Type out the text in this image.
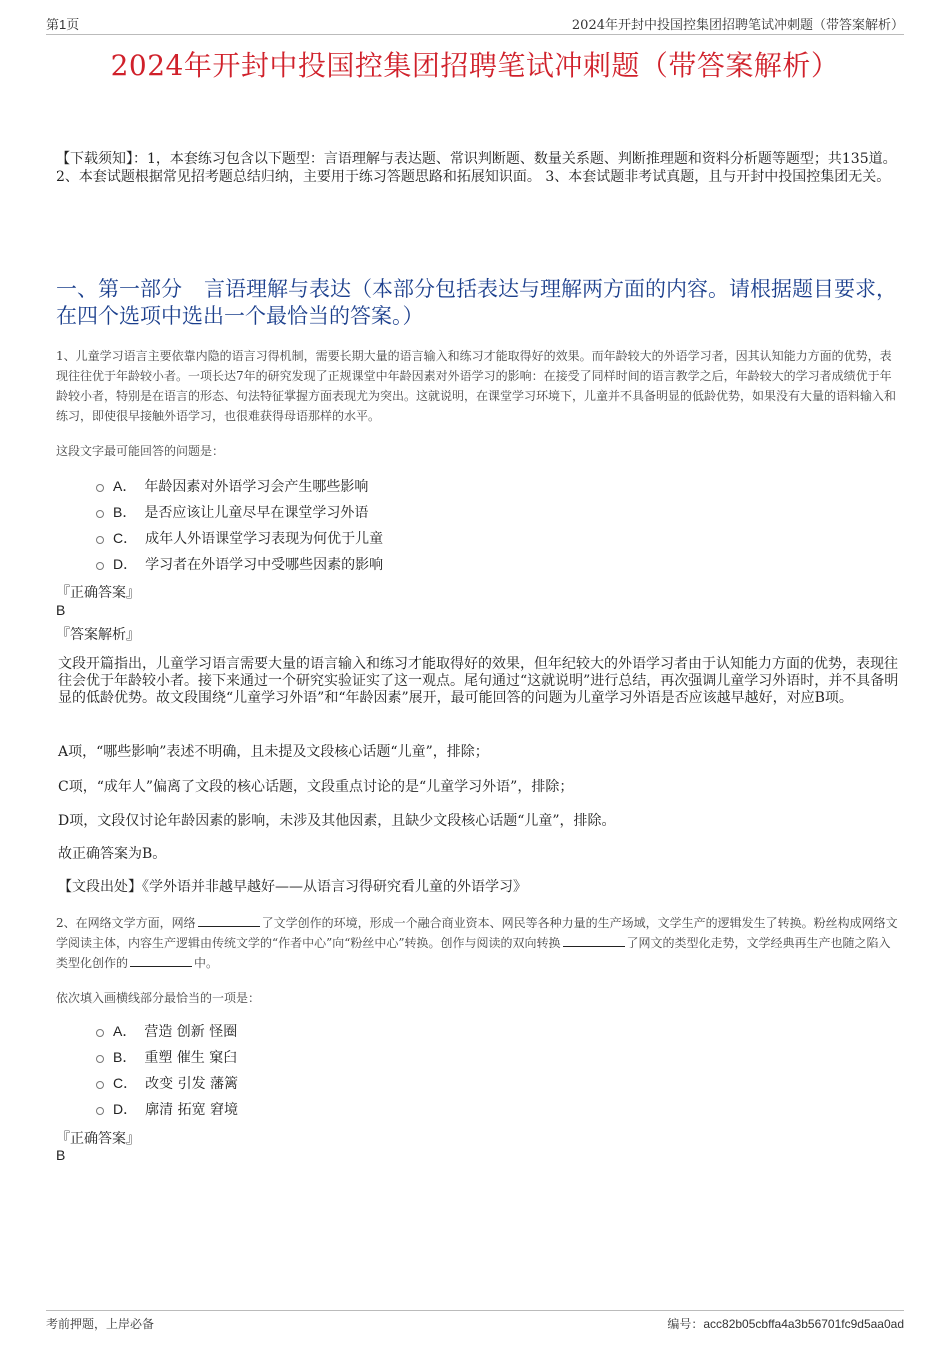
第1页	2024年开封中投国控集团招聘笔试冲刺题（带答案解析）
2024年开封中投国控集团招聘笔试冲刺题（带答案解析）
【下载须知】：1，本套练习包含以下题型：言语理解与表达题、常识判断题、数量关系题、判断推理题和资料分析题等题型；共135道。 2、本套试题根据常见招考题总结归纳，主要用于练习答题思路和拓展知识面。 3、本套试题非考试真题，且与开封中投国控集团无关。
一、第一部分 言语理解与表达（本部分包括表达与理解两方面的内容。请根据题目要求，在四个选项中选出一个最恰当的答案。）
1、儿童学习语言主要依靠内隐的语言习得机制，需要长期大量的语言输入和练习才能取得好的效果。而年龄较大的外语学习者，因其认知能力方面的优势，表现往往优于年龄较小者。一项长达7年的研究发现了正规课堂中年龄因素对外语学习的影响：在接受了同样时间的语言教学之后，年龄较大的学习者成绩优于年龄较小者，特别是在语言的形态、句法特征掌握方面表现尤为突出。这就说明，在课堂学习环境下，儿童并不具备明显的低龄优势，如果没有大量的语料输入和练习，即使很早接触外语学习，也很难获得母语那样的水平。
这段文字最可能回答的问题是：
A． 年龄因素对外语学习会产生哪些影响
B． 是否应该让儿童尽早在课堂学习外语
C． 成年人外语课堂学习表现为何优于儿童
D． 学习者在外语学习中受哪些因素的影响
『正确答案』
B
『答案解析』
文段开篇指出，儿童学习语言需要大量的语言输入和练习才能取得好的效果，但年纪较大的外语学习者由于认知能力方面的优势，表现往往会优于年龄较小者。接下来通过一个研究实验证实了这一观点。尾句通过“这就说明”进行总结，再次强调儿童学习外语时，并不具备明显的低龄优势。故文段围绕“儿童学习外语”和“年龄因素”展开，最可能回答的问题为儿童学习外语是否应该越早越好，对应B项。
A项，“哪些影响”表述不明确，且未提及文段核心话题“儿童”，排除；
C项，“成年人”偏离了文段的核心话题，文段重点讨论的是“儿童学习外语”，排除；
D项，文段仅讨论年龄因素的影响，未涉及其他因素，且缺少文段核心话题“儿童”，排除。
故正确答案为B。
【文段出处】《学外语并非越早越好——从语言习得研究看儿童的外语学习》
2、在网络文学方面，网络	了文学创作的环境，形成一个融合商业资本、网民等各种力量的生产场域，文学生产的逻辑发生了转换。粉丝构成网络文学阅读主体，内容生产逻辑由传统文学的“作者中心”向“粉丝中心”转换。创作与阅读的双向转换	了网文的类型化走势，文学经典再生产也随之陷入类型化创作的	中。
依次填入画横线部分最恰当的一项是：
A． 营造 创新 怪圈
B． 重塑 催生 窠臼
C． 改变 引发 藩篱
D． 廓清 拓宽 窘境
『正确答案』
B
考前押题，上岸必备	编号：acc82b05cbffa4a3b56701fc9d5aa0ad
